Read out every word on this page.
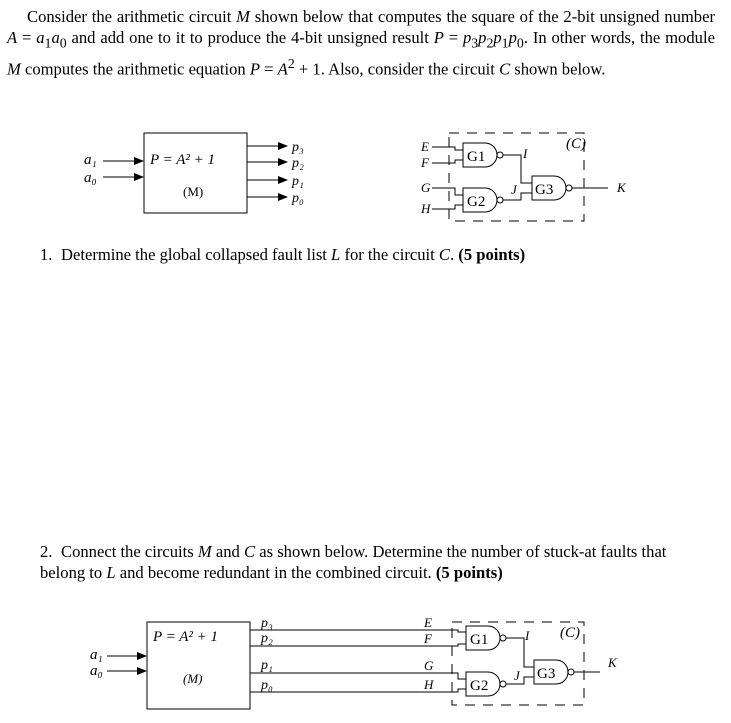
Consider the arithmetic circuit M shown below that computes the square of the 2-bit unsigned number $A = a_1a_0$ and add one to it to produce the 4-bit unsigned result $P = p_3p_2p_1p_0$. In other words, the module M computes the arithmetic equation $P = A^2 + 1$. Also, consider the circuit C shown below.

1. Determine the global collapsed fault list L for the circuit C. (5 points)

2. Connect the circuits M and C as shown below. Determine the number of stuck-at faults that belong to L and become redundant in the combined circuit. (5 points)

a₁
a₀
P = A² + 1
(M)
p₃
p₂
p₁
p₀
(C)
E
F
G
H
G1
G2
I
J G3	K
a₁
a₀
P = A² + 1
(M)
p₃
p₂
p₁
p₀
E
F
G
H
(C)
G1
G2
I
J G3
K
